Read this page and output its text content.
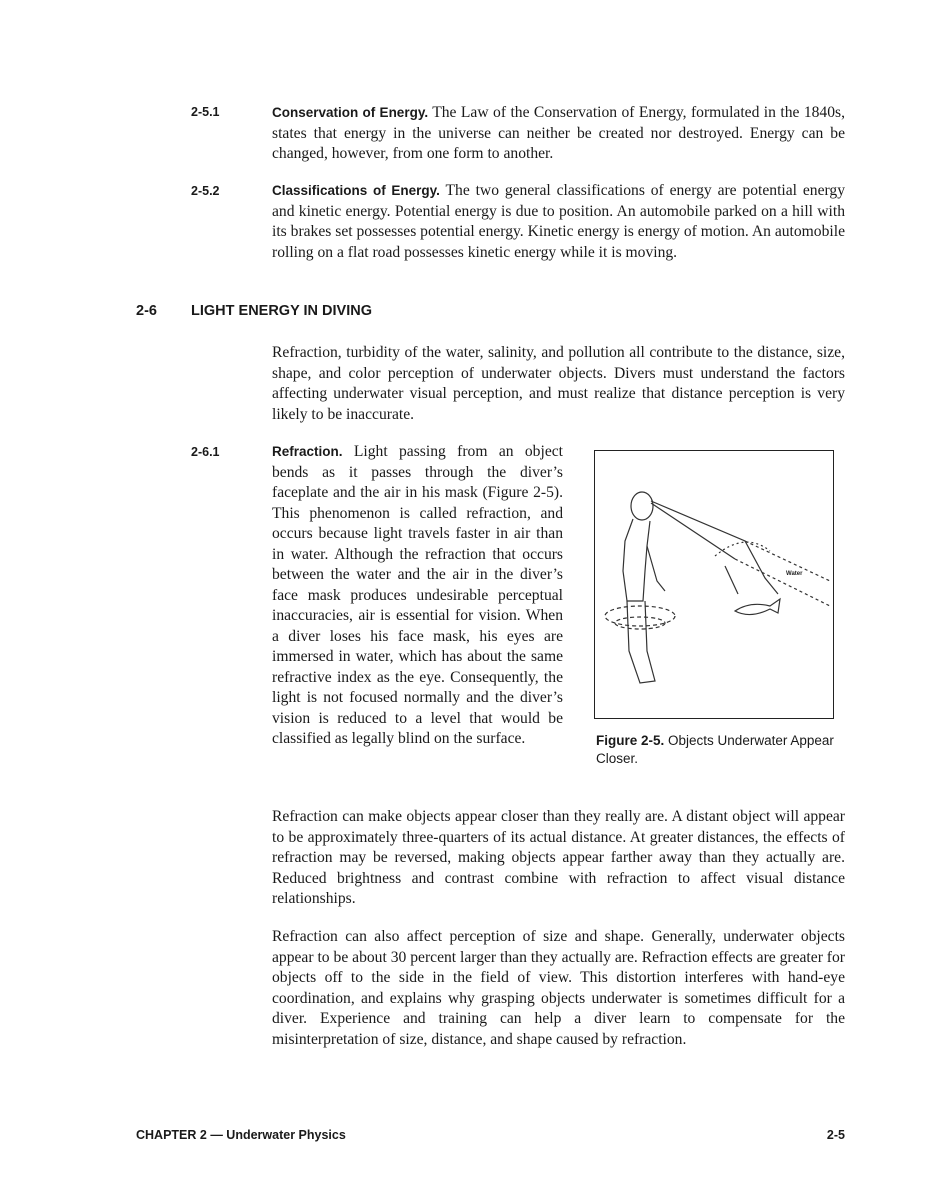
2-5.1	Conservation of Energy. The Law of the Conservation of Energy, formulated in the 1840s, states that energy in the universe can neither be created nor destroyed. Energy can be changed, however, from one form to another.

2-5.2	Classifications of Energy. The two general classifications of energy are potential energy and kinetic energy. Potential energy is due to position. An automobile parked on a hill with its brakes set possesses potential energy. Kinetic energy is energy of motion. An automobile rolling on a flat road possesses kinetic energy while it is moving.

2-6 LIGHT ENERGY IN DIVING

Refraction, turbidity of the water, salinity, and pollution all contribute to the distance, size, shape, and color perception of underwater objects. Divers must understand the factors affecting underwater visual perception, and must realize that distance perception is very likely to be inaccurate.

2-6.1	Refraction. Light passing from an object bends as it passes through the diver’s faceplate and the air in his mask (Figure 2-5). This phenomenon is called refraction, and occurs because light travels faster in air than in water. Although the refraction that occurs between the water and the air in the diver’s face mask produces undesirable perceptual inaccuracies, air is essential for vision. When a diver loses his face mask, his eyes are immersed in water, which has about the same refractive index as the eye. Consequently, the light is not focused normally and the diver’s vision is reduced to a level that would be classified as legally blind on the surface.

Water
Figure 2-5. Objects Underwater Appear Closer.

Refraction can make objects appear closer than they really are. A distant object will appear to be approximately three-quarters of its actual distance. At greater distances, the effects of refraction may be reversed, making objects appear farther away than they actually are. Reduced brightness and contrast combine with refraction to affect visual distance relationships.

Refraction can also affect perception of size and shape. Generally, underwater objects appear to be about 30 percent larger than they actually are. Refraction effects are greater for objects off to the side in the field of view. This distortion interferes with hand-eye coordination, and explains why grasping objects underwater is sometimes difficult for a diver. Experience and training can help a diver learn to compensate for the misinterpretation of size, distance, and shape caused by refraction.

CHAPTER 2 — Underwater Physics	2-5
